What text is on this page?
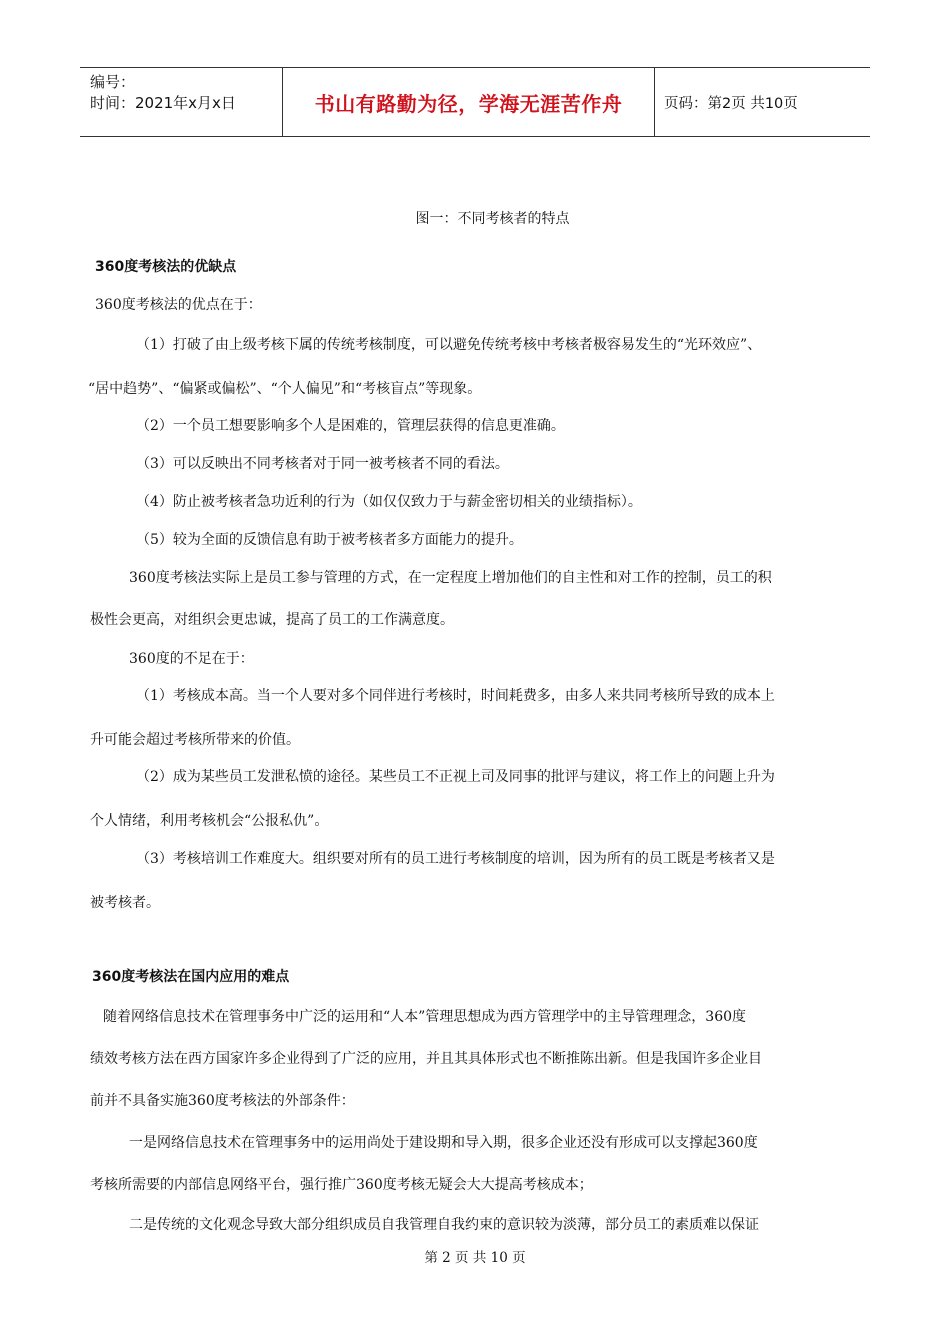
编号：
时间：2021年x月x日	书山有路勤为径，学海无涯苦作舟	页码：第2页 共10页
图一：不同考核者的特点

360度考核法的优缺点

360度考核法的优点在于：

（1）打破了由上级考核下属的传统考核制度，可以避免传统考核中考核者极容易发生的“光环效应”、

“居中趋势”、“偏紧或偏松”、“个人偏见”和“考核盲点”等现象。

（2）一个员工想要影响多个人是困难的，管理层获得的信息更准确。

（3）可以反映出不同考核者对于同一被考核者不同的看法。

（4）防止被考核者急功近利的行为（如仅仅致力于与薪金密切相关的业绩指标）。

（5）较为全面的反馈信息有助于被考核者多方面能力的提升。

360度考核法实际上是员工参与管理的方式，在一定程度上增加他们的自主性和对工作的控制，员工的积

极性会更高，对组织会更忠诚，提高了员工的工作满意度。

360度的不足在于：

（1）考核成本高。当一个人要对多个同伴进行考核时，时间耗费多，由多人来共同考核所导致的成本上

升可能会超过考核所带来的价值。

（2）成为某些员工发泄私愤的途径。某些员工不正视上司及同事的批评与建议，将工作上的问题上升为

个人情绪，利用考核机会“公报私仇”。

（3）考核培训工作难度大。组织要对所有的员工进行考核制度的培训，因为所有的员工既是考核者又是

被考核者。

360度考核法在国内应用的难点

随着网络信息技术在管理事务中广泛的运用和“人本”管理思想成为西方管理学中的主导管理理念，360度

绩效考核方法在西方国家许多企业得到了广泛的应用，并且其具体形式也不断推陈出新。但是我国许多企业目

前并不具备实施360度考核法的外部条件：

一是网络信息技术在管理事务中的运用尚处于建设期和导入期，很多企业还没有形成可以支撑起360度

考核所需要的内部信息网络平台，强行推广360度考核无疑会大大提高考核成本；

二是传统的文化观念导致大部分组织成员自我管理自我约束的意识较为淡薄，部分员工的素质难以保证

第 2 页 共 10 页
